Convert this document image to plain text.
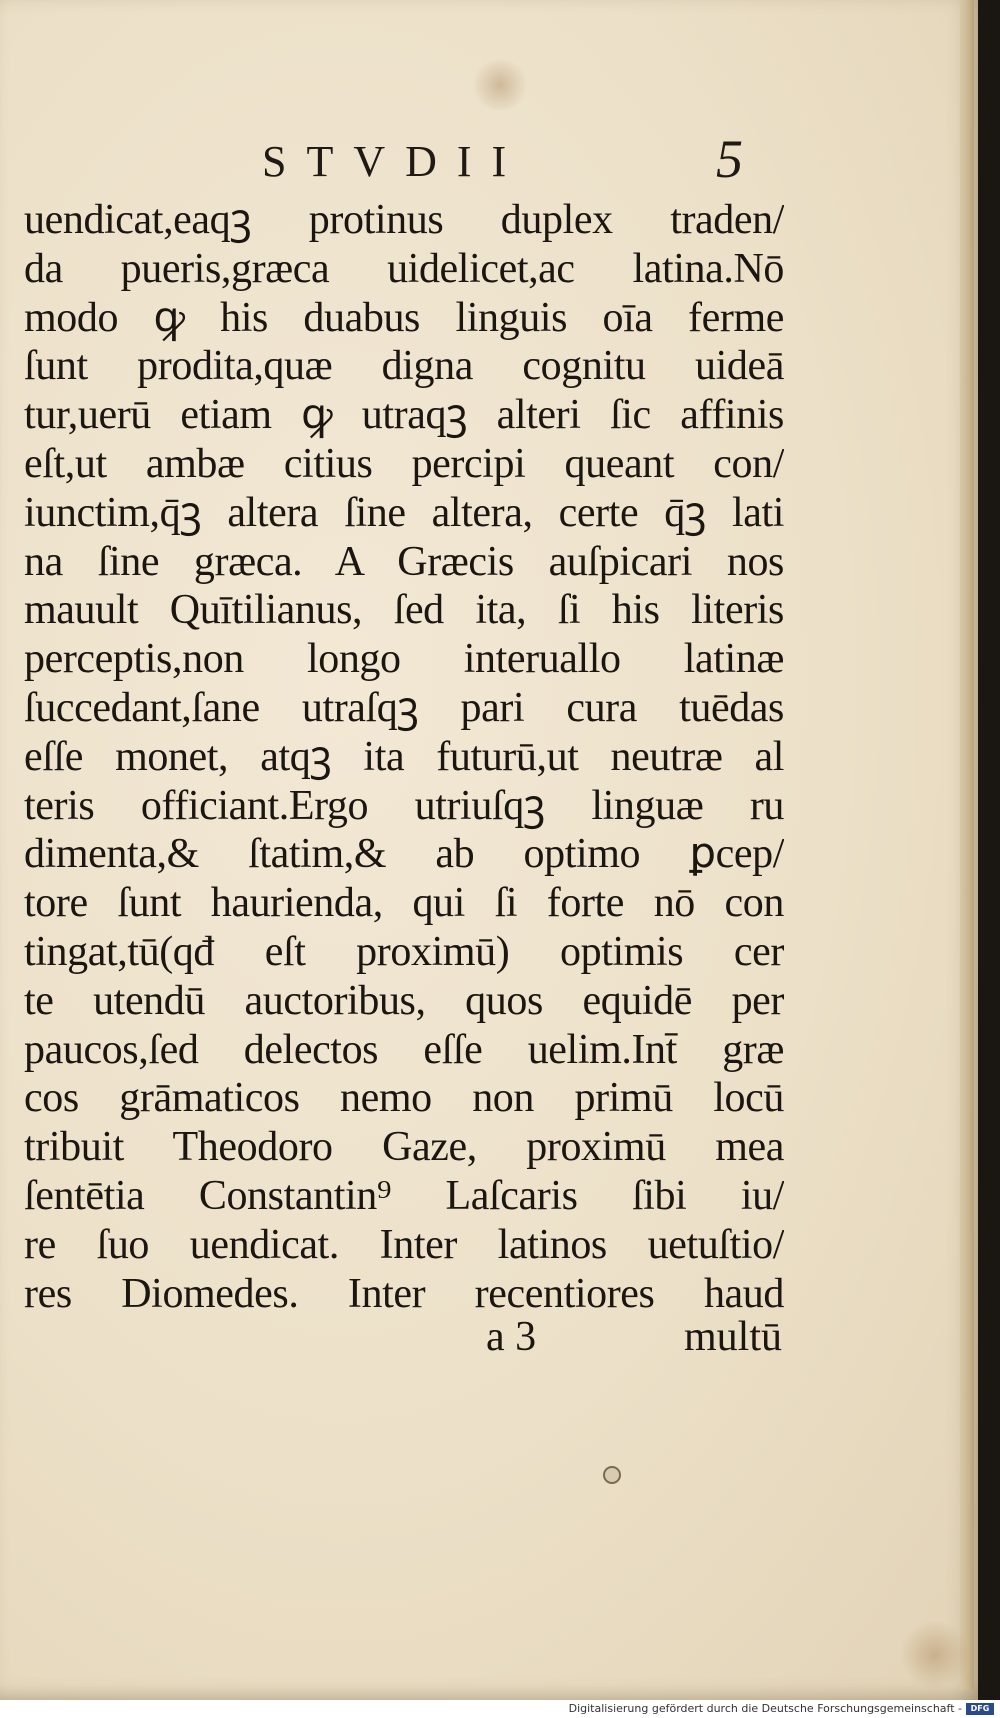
STVDII	5
uendicat,eaqꝫ protinus duplex traden/
da pueris,græca uidelicet,ac latina.Nō
modo ꝙ his duabus linguis oīa ferme
ſunt prodita,quæ digna cognitu uideā
tur,uerū etiam ꝙ utraqꝫ alteri ſic affinis
eſt,ut ambæ citius percipi queant con/
iunctim,q̄ꝫ altera ſine altera, certe q̄ꝫ lati
na ſine græca. A Græcis auſpicari nos
mauult Quītilianus, ſed ita, ſi his literis
perceptis,non longo interuallo latinæ
ſuccedant,ſane utraſqꝫ pari cura tuēdas
eſſe monet, atqꝫ ita futurū,ut neutræ al
teris officiant.Ergo utriuſqꝫ linguæ ru
dimenta,& ſtatim,& ab optimo ꝑcep/
tore ſunt haurienda, qui ſi forte nō con
tingat,tū(qđ eſt proximū) optimis cer
te utendū auctoribus, quos equidē per
paucos,ſed delectos eſſe uelim.Int̄ græ
cos grāmaticos nemo non primū locū
tribuit Theodoro Gaze, proximū mea
ſentētia Constantin⁹ Laſcaris ſibi iu/
re ſuo uendicat. Inter latinos uetuſtio/
res Diomedes. Inter recentiores haud
a 3	multū
Digitalisierung gefördert durch die Deutsche Forschungsgemeinschaft -	DFG
